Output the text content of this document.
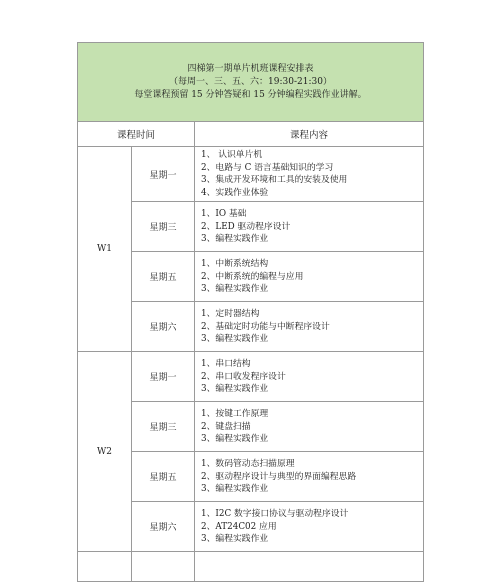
四梯第一期单片机班课程安排表
（每周一、三、五、六：19:30-21:30）
每堂课程预留 15 分钟答疑和 15 分钟编程实践作业讲解。		

课程时间		课程内容
W1	星期一	1、 认识单片机
2、电路与 C 语言基础知识的学习
3、集成开发环境和工具的安装及使用
4、实践作业体验

	星期三	1、IO 基础
2、LED 驱动程序设计
3、编程实践作业

	星期五	1、中断系统结构
2、中断系统的编程与应用
3、编程实践作业

	星期六	1、定时器结构
2、基础定时功能与中断程序设计
3、编程实践作业

W2	星期一	1、串口结构
2、串口收发程序设计
3、编程实践作业

	星期三	1、按键工作原理
2、键盘扫描
3、编程实践作业

	星期五	1、数码管动态扫描原理
2、驱动程序设计与典型的界面编程思路
3、编程实践作业

	星期六	1、I2C 数字接口协议与驱动程序设计
2、AT24C02 应用
3、编程实践作业
